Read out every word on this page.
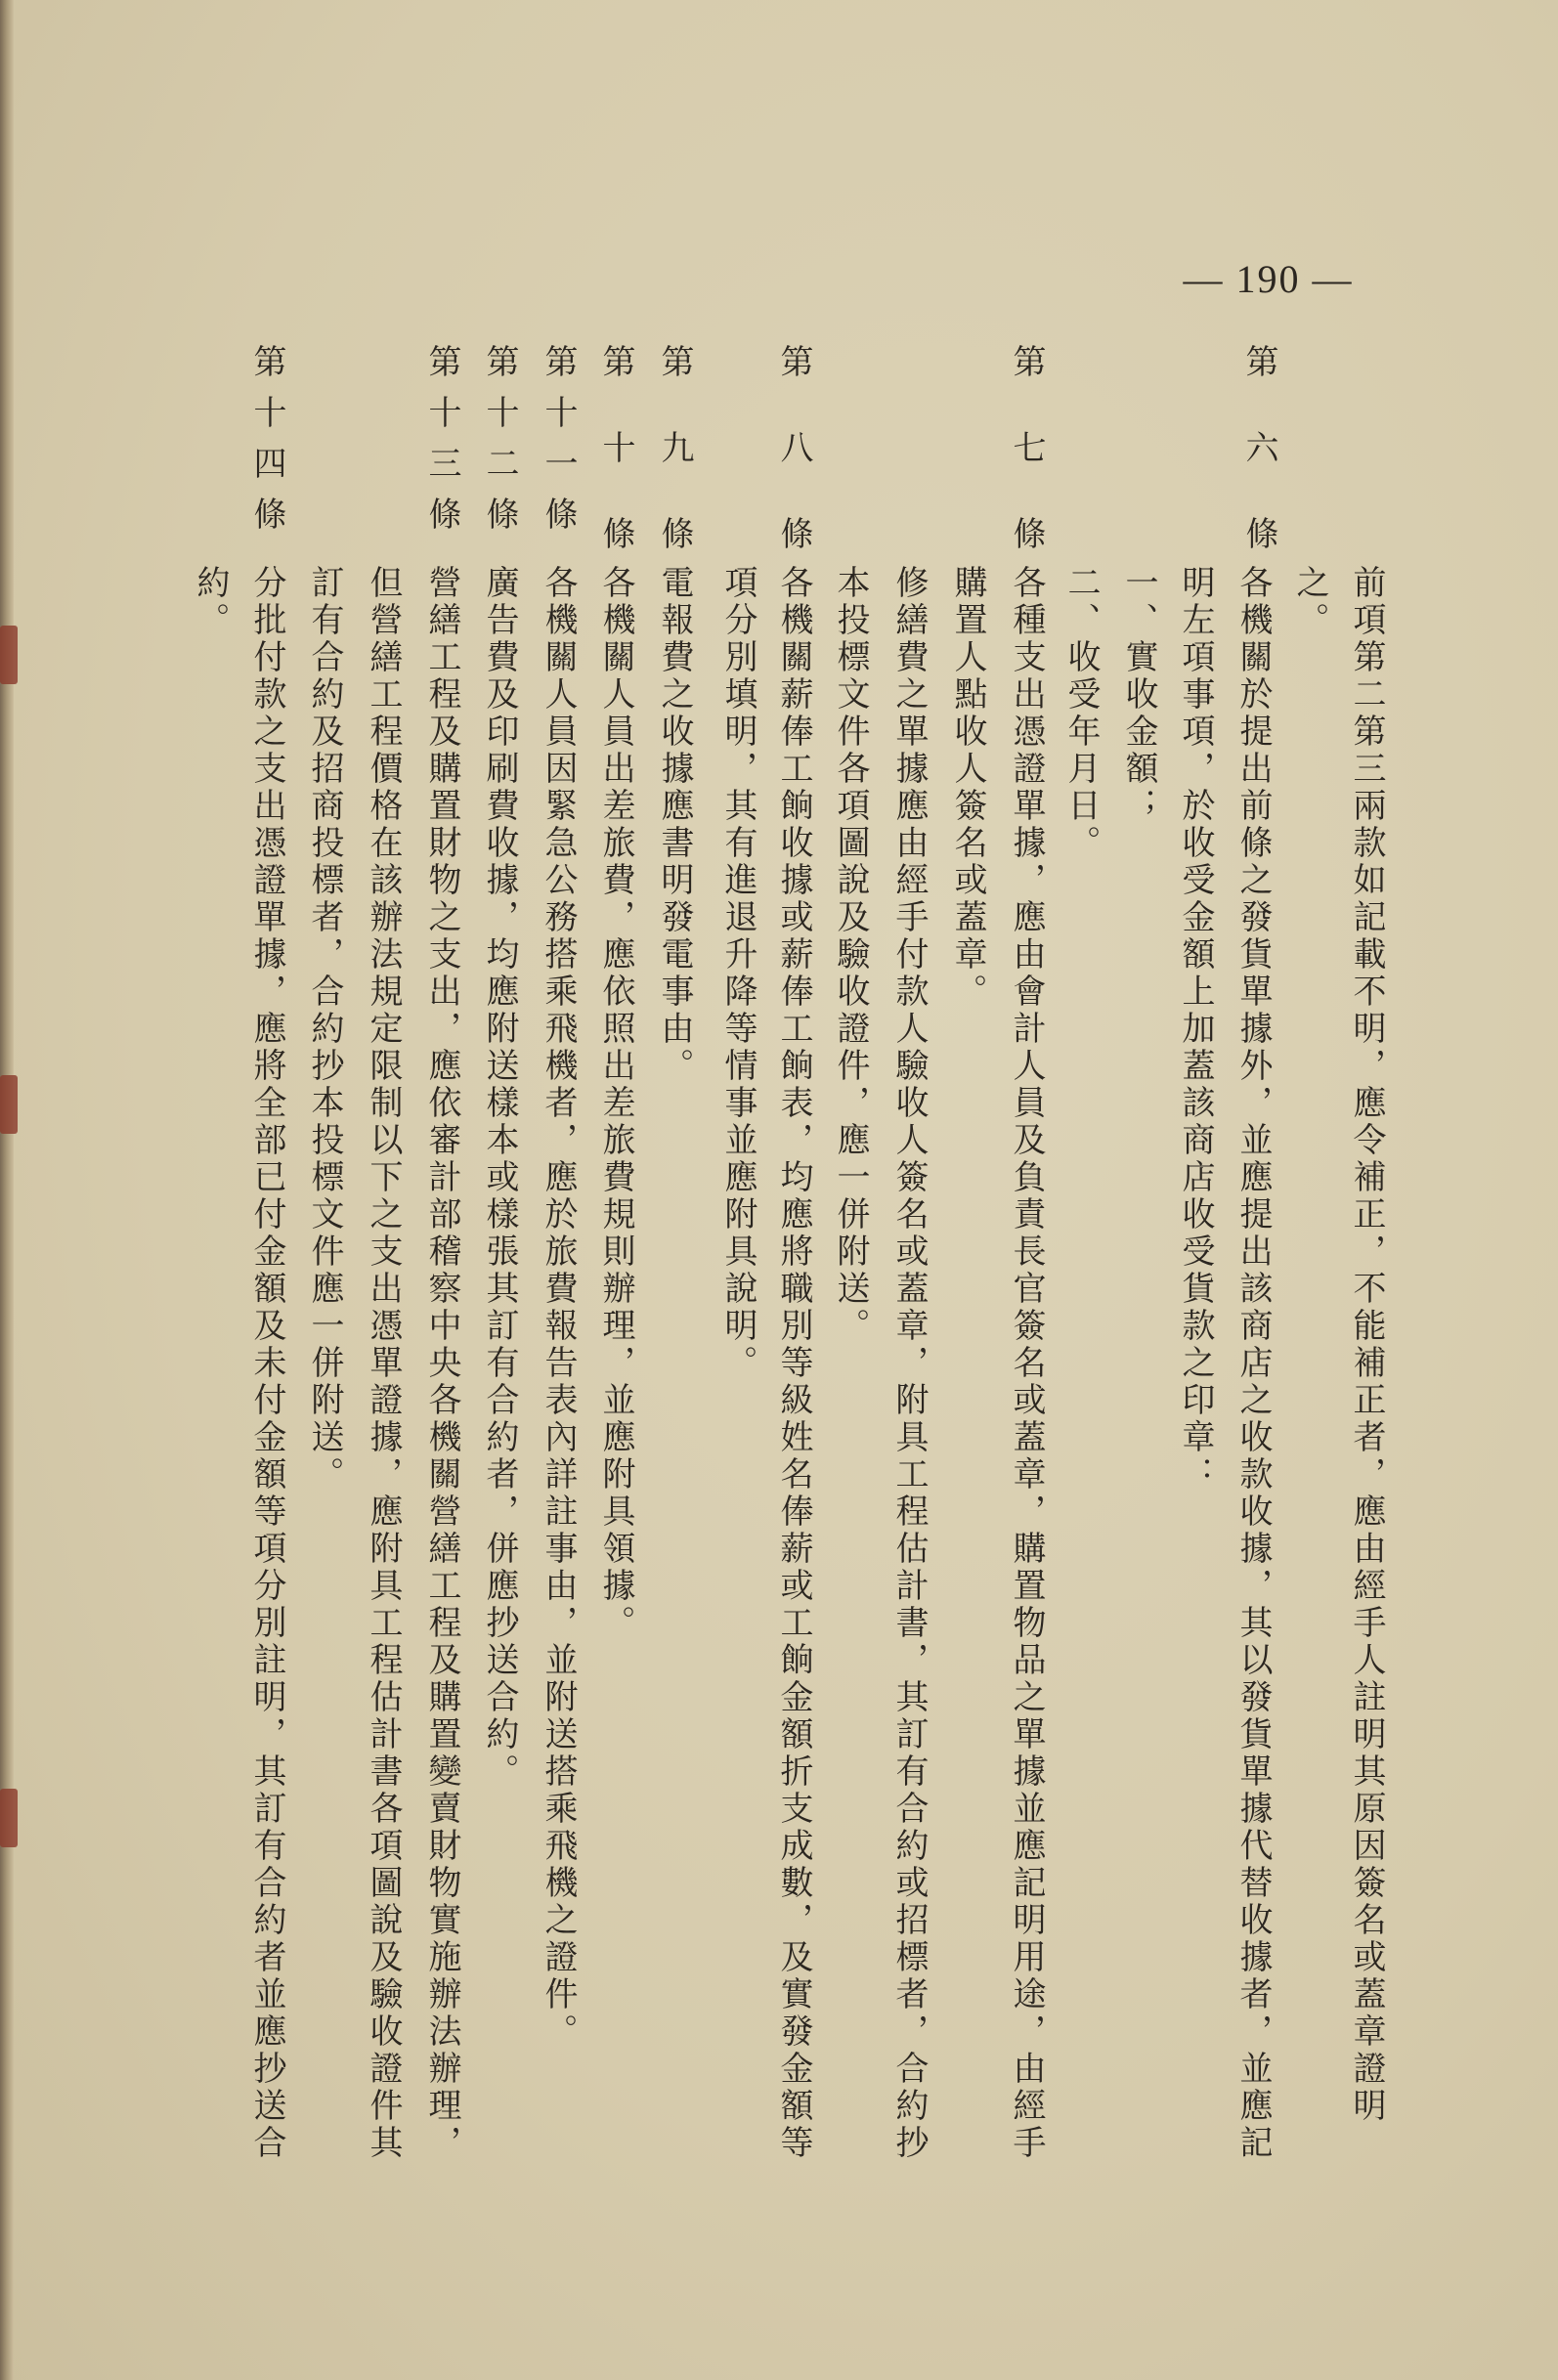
— 190 —
前項第二第三兩款如記載不明，應令補正，不能補正者，應由經手人註明其原因簽名或蓋章證明
之。
第六條
各機關於提出前條之發貨單據外，並應提出該商店之收款收據，其以發貨單據代替收據者，並應記
明左項事項，於收受金額上加蓋該商店收受貨款之印章：
一、實收金額；
二、收受年月日。
第七條
各種支出憑證單據，應由會計人員及負責長官簽名或蓋章，購置物品之單據並應記明用途，由經手
購置人點收人簽名或蓋章。
修繕費之單據應由經手付款人驗收人簽名或蓋章，附具工程估計書，其訂有合約或招標者，合約抄
本投標文件各項圖說及驗收證件，應一併附送。
第八條
各機關薪俸工餉收據或薪俸工餉表，均應將職別等級姓名俸薪或工餉金額折支成數，及實發金額等
項分別填明，其有進退升降等情事並應附具說明。
第九條
電報費之收據應書明發電事由。
第十條
各機關人員出差旅費，應依照出差旅費規則辦理，並應附具領據。
第十一條
各機關人員因緊急公務搭乘飛機者，應於旅費報告表內詳註事由，並附送搭乘飛機之證件。
第十二條
廣告費及印刷費收據，均應附送樣本或樣張其訂有合約者，併應抄送合約。
第十三條
營繕工程及購置財物之支出，應依審計部稽察中央各機關營繕工程及購置變賣財物實施辦法辦理，
但營繕工程價格在該辦法規定限制以下之支出憑單證據，應附具工程估計書各項圖說及驗收證件其
訂有合約及招商投標者，合約抄本投標文件應一併附送。
第十四條
分批付款之支出憑證單據，應將全部已付金額及未付金額等項分別註明，其訂有合約者並應抄送合
約。
